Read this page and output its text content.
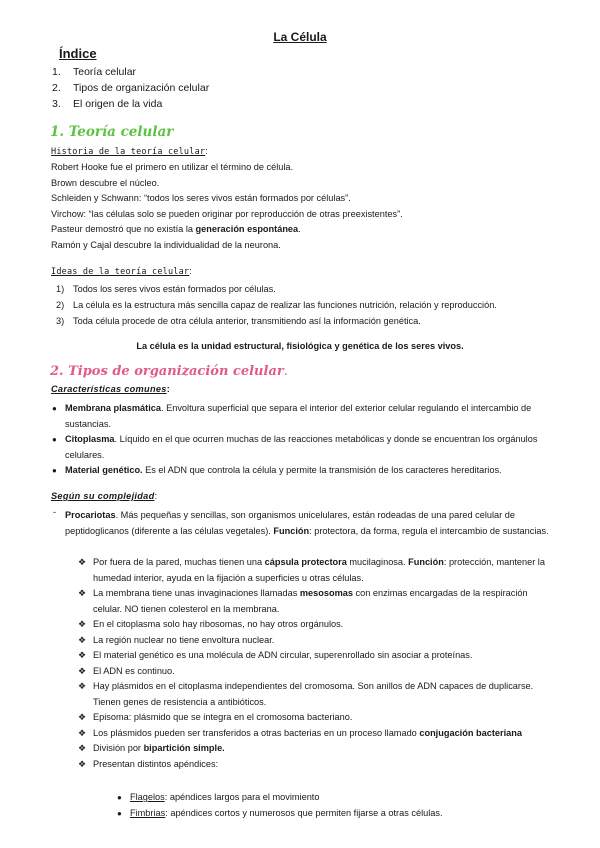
La Célula
Índice
1. Teoría celular
2. Tipos de organización celular
3. El origen de la vida
1. Teoría celular
Historia de la teoría celular:
Robert Hooke fue el primero en utilizar el término de célula.
Brown descubre el núcleo.
Schleiden y Schwann: “todos los seres vivos están formados por células”.
Virchow: “las células solo se pueden originar por reproducción de otras preexistentes”.
Pasteur demostró que no existía la generación espontánea.
Ramón y Cajal descubre la individualidad de la neurona.
Ideas de la teoría celular:
1) Todos los seres vivos están formados por células.
2) La célula es la estructura más sencilla capaz de realizar las funciones nutrición, relación y reproducción.
3) Toda célula procede de otra célula anterior, transmitiendo así la información genética.
La célula es la unidad estructural, fisiológica y genética de los seres vivos.
2. Tipos de organización celular.
Características comunes:
● Membrana plasmática. Envoltura superficial que separa el interior del exterior celular regulando el intercambio de sustancias.
● Citoplasma. Líquido en el que ocurren muchas de las reacciones metabólicas y donde se encuentran los orgánulos celulares.
● Material genético. Es el ADN que controla la célula y permite la transmisión de los caracteres hereditarios.
Según su complejidad:
- Procariotas. Más pequeñas y sencillas, son organismos unicelulares, están rodeadas de una pared celular de peptidoglicanos (diferente a las células vegetales). Función: protectora, da forma, regula el intercambio de sustancias.
❖ Por fuera de la pared, muchas tienen una cápsula protectora mucilaginosa. Función: protección, mantener la humedad interior, ayuda en la fijación a superficies u otras células.
❖ La membrana tiene unas invaginaciones llamadas mesosomas con enzimas encargadas de la respiración celular. NO tienen colesterol en la membrana.
❖ En el citoplasma solo hay ribosomas, no hay otros orgánulos.
❖ La región nuclear no tiene envoltura nuclear.
❖ El material genético es una molécula de ADN circular, superenrollado sin asociar a proteínas.
❖ El ADN es continuo.
❖ Hay plásmidos en el citoplasma independientes del cromosoma. Son anillos de ADN capaces de duplicarse. Tienen genes de resistencia a antibióticos.
❖ Episoma: plásmido que se integra en el cromosoma bacteriano.
❖ Los plásmidos pueden ser transferidos a otras bacterias en un proceso llamado conjugación bacteriana
❖ División por bipartición simple.
❖ Presentan distintos apéndices:
● Flagelos: apéndices largos para el movimiento
● Fimbrias: apéndices cortos y numerosos que permiten fijarse a otras células.
